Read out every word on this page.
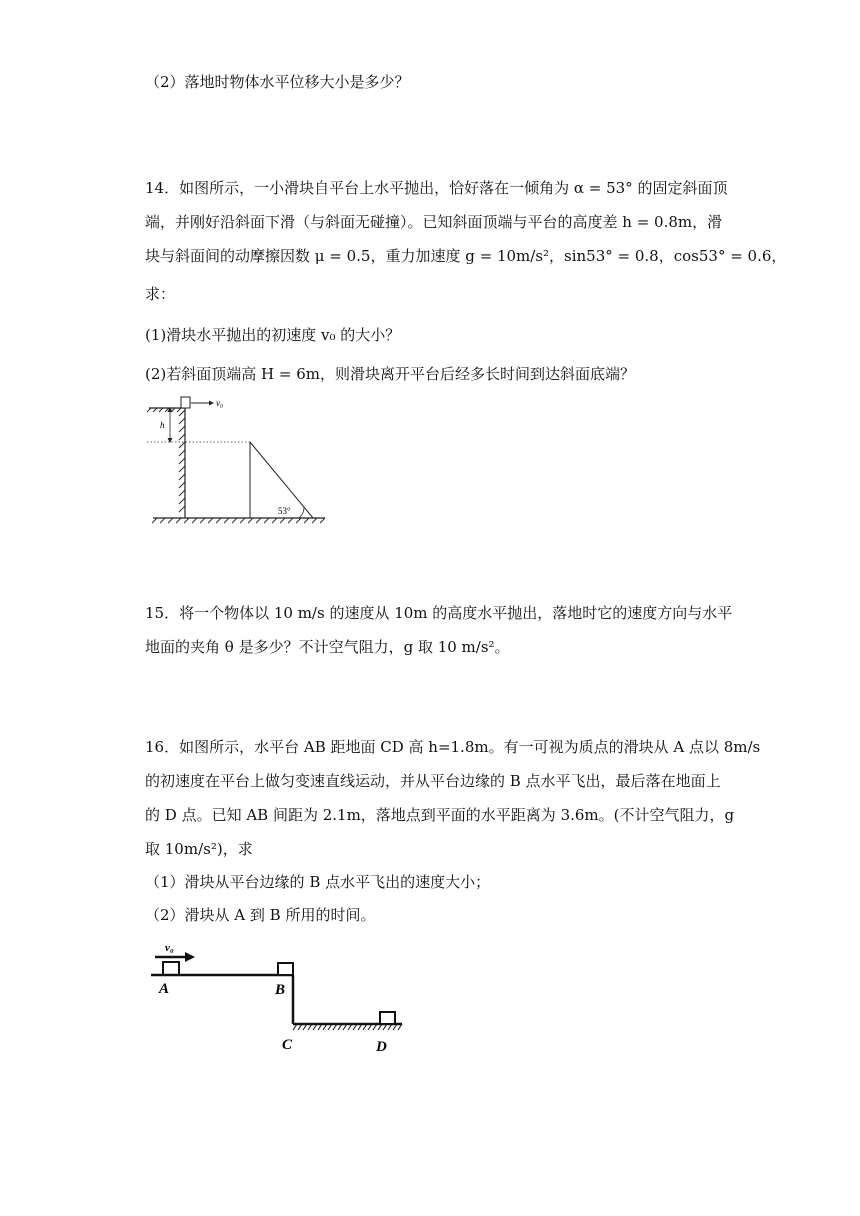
（2）落地时物体水平位移大小是多少？
14．如图所示，一小滑块自平台上水平抛出，恰好落在一倾角为 α = 53° 的固定斜面顶
端，并刚好沿斜面下滑（与斜面无碰撞）。已知斜面顶端与平台的高度差 h = 0.8m，滑
块与斜面间的动摩擦因数 μ = 0.5，重力加速度 g = 10m/s²，sin53° = 0.8，cos53° = 0.6，
求：
(1)滑块水平抛出的初速度 v₀ 的大小？
(2)若斜面顶端高 H = 6m，则滑块离开平台后经多长时间到达斜面底端？
v₀
h
53°
15．将一个物体以 10 m/s 的速度从 10m 的高度水平抛出，落地时它的速度方向与水平
地面的夹角 θ 是多少？不计空气阻力，g 取 10 m/s²。
16．如图所示，水平台 AB 距地面 CD 高 h=1.8m。有一可视为质点的滑块从 A 点以 8m/s
的初速度在平台上做匀变速直线运动，并从平台边缘的 B 点水平飞出，最后落在地面上
的 D 点。已知 AB 间距为 2.1m，落地点到平面的水平距离为 3.6m。(不计空气阻力，g
取 10m/s²)，求
（1）滑块从平台边缘的 B 点水平飞出的速度大小；
（2）滑块从 A 到 B 所用的时间。
v₀
A	B
C	D
